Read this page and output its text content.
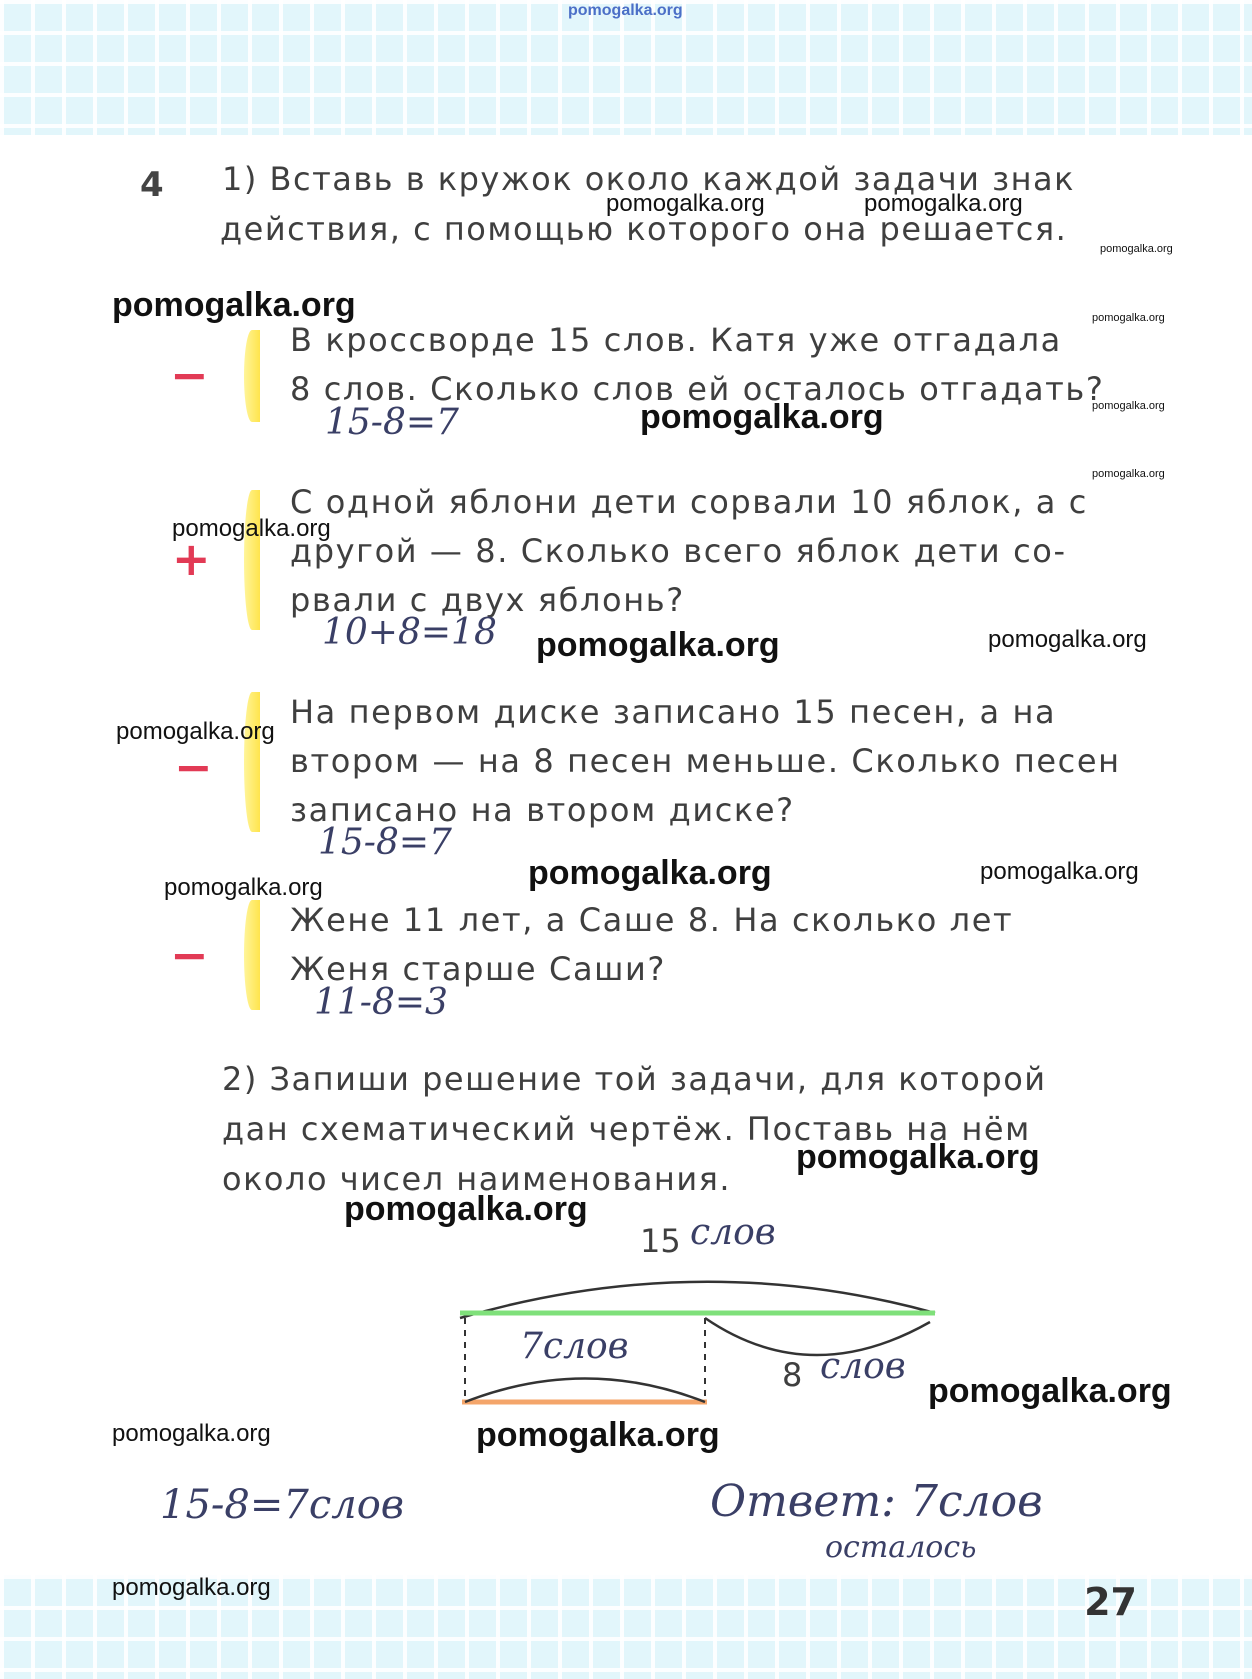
pomogalka.org
4 1) Вставь в кружок около каждой задачи знак
действия, с помощью которого она решается.
−
В кроссворде 15 слов. Катя уже отгадала
8 слов. Сколько слов ей осталось отгадать?
15-8=7
+
С одной яблони дети сорвали 10 яблок, а с
другой — 8. Сколько всего яблок дети со-
рвали с двух яблонь?
10+8=18
−
На первом диске записано 15 песен, а на
втором — на 8 песен меньше. Сколько песен
записано на втором диске?
15-8=7
−
Жене 11 лет, а Саше 8. На сколько лет
Женя старше Саши?
11-8=3
2) Запиши решение той задачи, для которой
дан схематический чертёж. Поставь на нём
около чисел наименования.
15 слов
7слов
8 слов
15-8=7слов	Ответ: 7слов
осталось
27
pomogalka.org	pomogalka.org
pomogalka.org
pomogalka.org	pomogalka.org
pomogalka.org
pomogalka.org
pomogalka.org
pomogalka.org
pomogalka.org	pomogalka.org
pomogalka.org
pomogalka.org	pomogalka.org
pomogalka.org
pomogalka.org
pomogalka.org
pomogalka.org
pomogalka.org	pomogalka.org
pomogalka.org
